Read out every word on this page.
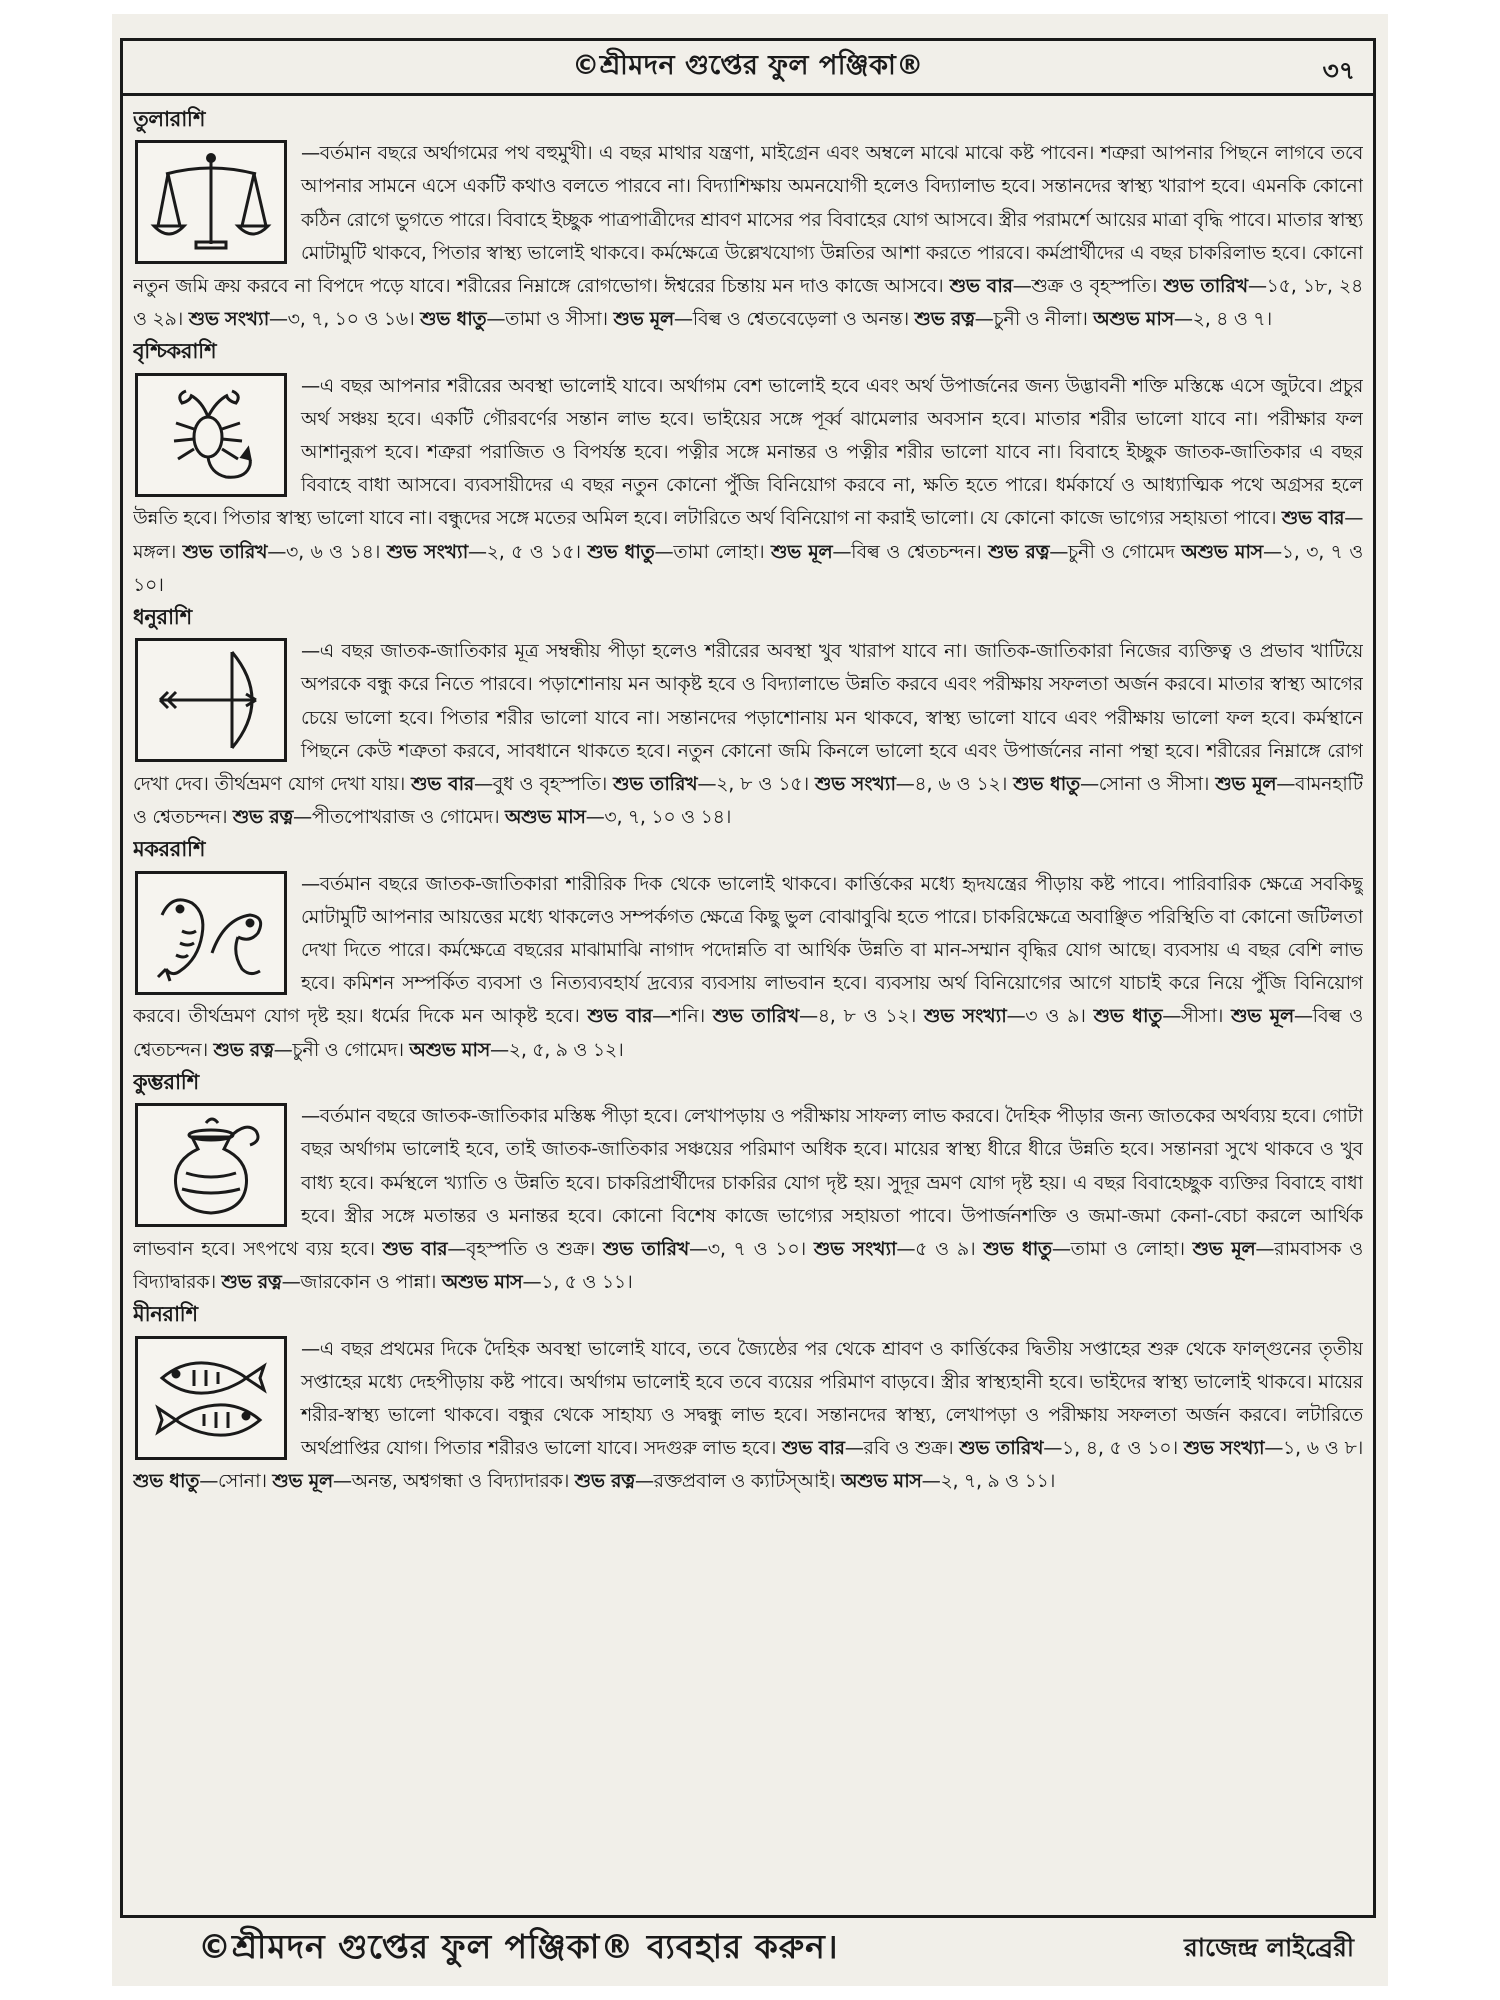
©শ্রীমদন গুপ্তের ফুল পঞ্জিকা®	৩৭

তুলারাশি

—বর্তমান বছরে অর্থাগমের পথ বহুমুখী। এ বছর মাথার যন্ত্রণা, মাইগ্রেন এবং অম্বলে মাঝে মাঝে কষ্ট পাবেন। শত্রুরা আপনার পিছনে লাগবে তবে আপনার সামনে এসে একটি কথাও বলতে পারবে না। বিদ্যাশিক্ষায় অমনযোগী হলেও বিদ্যালাভ হবে। সন্তানদের স্বাস্থ্য খারাপ হবে। এমনকি কোনো কঠিন রোগে ভুগতে পারে। বিবাহে ইচ্ছুক পাত্রপাত্রীদের শ্রাবণ মাসের পর বিবাহের যোগ আসবে। স্ত্রীর পরামর্শে আয়ের মাত্রা বৃদ্ধি পাবে। মাতার স্বাস্থ্য মোটামুটি থাকবে, পিতার স্বাস্থ্য ভালোই থাকবে। কর্মক্ষেত্রে উল্লেখযোগ্য উন্নতির আশা করতে পারবে। কর্মপ্রার্থীদের এ বছর চাকরিলাভ হবে। কোনো নতুন জমি ক্রয় করবে না বিপদে পড়ে যাবে। শরীরের নিম্নাঙ্গে রোগভোগ। ঈশ্বরের চিন্তায় মন দাও কাজে আসবে। শুভ বার—শুক্র ও বৃহস্পতি। শুভ তারিখ—১৫, ১৮, ২৪ ও ২৯। শুভ সংখ্যা—৩, ৭, ১০ ও ১৬। শুভ ধাতু—তামা ও সীসা। শুভ মূল—বিল্ব ও শ্বেতবেড়েলা ও অনন্ত। শুভ রত্ন—চুনী ও নীলা। অশুভ মাস—২, ৪ ও ৭।

বৃশ্চিকরাশি

—এ বছর আপনার শরীরের অবস্থা ভালোই যাবে। অর্থাগম বেশ ভালোই হবে এবং অর্থ উপার্জনের জন্য উদ্ভাবনী শক্তি মস্তিষ্কে এসে জুটবে। প্রচুর অর্থ সঞ্চয় হবে। একটি গৌরবর্ণের সন্তান লাভ হবে। ভাইয়ের সঙ্গে পূর্ব্ব ঝামেলার অবসান হবে। মাতার শরীর ভালো যাবে না। পরীক্ষার ফল আশানুরূপ হবে। শত্রুরা পরাজিত ও বিপর্যস্ত হবে। পত্নীর সঙ্গে মনান্তর ও পত্নীর শরীর ভালো যাবে না। বিবাহে ইচ্ছুক জাতক-জাতিকার এ বছর বিবাহে বাধা আসবে। ব্যবসায়ীদের এ বছর নতুন কোনো পুঁজি বিনিয়োগ করবে না, ক্ষতি হতে পারে। ধর্মকার্যে ও আধ্যাত্মিক পথে অগ্রসর হলে উন্নতি হবে। পিতার স্বাস্থ্য ভালো যাবে না। বন্ধুদের সঙ্গে মতের অমিল হবে। লটারিতে অর্থ বিনিয়োগ না করাই ভালো। যে কোনো কাজে ভাগ্যের সহায়তা পাবে। শুভ বার—মঙ্গল। শুভ তারিখ—৩, ৬ ও ১৪। শুভ সংখ্যা—২, ৫ ও ১৫। শুভ ধাতু—তামা লোহা। শুভ মূল—বিল্ব ও শ্বেতচন্দন। শুভ রত্ন—চুনী ও গোমেদ অশুভ মাস—১, ৩, ৭ ও ১০।

ধনুরাশি

—এ বছর জাতক-জাতিকার মূত্র সম্বন্ধীয় পীড়া হলেও শরীরের অবস্থা খুব খারাপ যাবে না। জাতিক-জাতিকারা নিজের ব্যক্তিত্ব ও প্রভাব খাটিয়ে অপরকে বন্ধু করে নিতে পারবে। পড়াশোনায় মন আকৃষ্ট হবে ও বিদ্যালাভে উন্নতি করবে এবং পরীক্ষায় সফলতা অর্জন করবে। মাতার স্বাস্থ্য আগের চেয়ে ভালো হবে। পিতার শরীর ভালো যাবে না। সন্তানদের পড়াশোনায় মন থাকবে, স্বাস্থ্য ভালো যাবে এবং পরীক্ষায় ভালো ফল হবে। কর্মস্থানে পিছনে কেউ শত্রুতা করবে, সাবধানে থাকতে হবে। নতুন কোনো জমি কিনলে ভালো হবে এবং উপার্জনের নানা পন্থা হবে। শরীরের নিম্নাঙ্গে রোগ দেখা দেব। তীর্থভ্রমণ যোগ দেখা যায়। শুভ বার—বুধ ও বৃহস্পতি। শুভ তারিখ—২, ৮ ও ১৫। শুভ সংখ্যা—৪, ৬ ও ১২। শুভ ধাতু—সোনা ও সীসা। শুভ মূল—বামনহাটি ও শ্বেতচন্দন। শুভ রত্ন—পীতপোখরাজ ও গোমেদ। অশুভ মাস—৩, ৭, ১০ ও ১৪।

মকররাশি

—বর্তমান বছরে জাতক-জাতিকারা শারীরিক দিক থেকে ভালোই থাকবে। কার্ত্তিকের মধ্যে হৃদযন্ত্রের পীড়ায় কষ্ট পাবে। পারিবারিক ক্ষেত্রে সবকিছু মোটামুটি আপনার আয়ত্তের মধ্যে থাকলেও সম্পর্কগত ক্ষেত্রে কিছু ভুল বোঝাবুঝি হতে পারে। চাকরিক্ষেত্রে অবাঞ্ছিত পরিস্থিতি বা কোনো জটিলতা দেখা দিতে পারে। কর্মক্ষেত্রে বছরের মাঝামাঝি নাগাদ পদোন্নতি বা আর্থিক উন্নতি বা মান-সম্মান বৃদ্ধির যোগ আছে। ব্যবসায় এ বছর বেশি লাভ হবে। কমিশন সম্পর্কিত ব্যবসা ও নিত্যব্যবহার্য দ্রব্যের ব্যবসায় লাভবান হবে। ব্যবসায় অর্থ বিনিয়োগের আগে যাচাই করে নিয়ে পুঁজি বিনিয়োগ করবে। তীর্থভ্রমণ যোগ দৃষ্ট হয়। ধর্মের দিকে মন আকৃষ্ট হবে। শুভ বার—শনি। শুভ তারিখ—৪, ৮ ও ১২। শুভ সংখ্যা—৩ ও ৯। শুভ ধাতু—সীসা। শুভ মূল—বিল্ব ও শ্বেতচন্দন। শুভ রত্ন—চুনী ও গোমেদ। অশুভ মাস—২, ৫, ৯ ও ১২।

কুম্ভরাশি

—বর্তমান বছরে জাতক-জাতিকার মস্তিষ্ক পীড়া হবে। লেখাপড়ায় ও পরীক্ষায় সাফল্য লাভ করবে। দৈহিক পীড়ার জন্য জাতকের অর্থব্যয় হবে। গোটা বছর অর্থাগম ভালোই হবে, তাই জাতক-জাতিকার সঞ্চয়ের পরিমাণ অধিক হবে। মায়ের স্বাস্থ্য ধীরে ধীরে উন্নতি হবে। সন্তানরা সুখে থাকবে ও খুব বাধ্য হবে। কর্মস্থলে খ্যাতি ও উন্নতি হবে। চাকরিপ্রার্থীদের চাকরির যোগ দৃষ্ট হয়। সুদূর ভ্রমণ যোগ দৃষ্ট হয়। এ বছর বিবাহেচ্ছুক ব্যক্তির বিবাহে বাধা হবে। স্ত্রীর সঙ্গে মতান্তর ও মনান্তর হবে। কোনো বিশেষ কাজে ভাগ্যের সহায়তা পাবে। উপার্জনশক্তি ও জমা-জমা কেনা-বেচা করলে আর্থিক লাভবান হবে। সৎপথে ব্যয় হবে। শুভ বার—বৃহস্পতি ও শুক্র। শুভ তারিখ—৩, ৭ ও ১০। শুভ সংখ্যা—৫ ও ৯। শুভ ধাতু—তামা ও লোহা। শুভ মূল—রামবাসক ও বিদ্যাদ্বারক। শুভ রত্ন—জারকোন ও পান্না। অশুভ মাস—১, ৫ ও ১১।

মীনরাশি

—এ বছর প্রথমের দিকে দৈহিক অবস্থা ভালোই যাবে, তবে জ্যৈষ্ঠের পর থেকে শ্রাবণ ও কার্ত্তিকের দ্বিতীয় সপ্তাহের শুরু থেকে ফাল্গুনের তৃতীয় সপ্তাহের মধ্যে দেহপীড়ায় কষ্ট পাবে। অর্থাগম ভালোই হবে তবে ব্যয়ের পরিমাণ বাড়বে। স্ত্রীর স্বাস্থ্যহানী হবে। ভাইদের স্বাস্থ্য ভালোই থাকবে। মায়ের শরীর-স্বাস্থ্য ভালো থাকবে। বন্ধুর থেকে সাহায্য ও সদ্বন্ধু লাভ হবে। সন্তানদের স্বাস্থ্য, লেখাপড়া ও পরীক্ষায় সফলতা অর্জন করবে। লটারিতে অর্থপ্রাপ্তির যোগ। পিতার শরীরও ভালো যাবে। সদগুরু লাভ হবে। শুভ বার—রবি ও শুক্র। শুভ তারিখ—১, ৪, ৫ ও ১০। শুভ সংখ্যা—১, ৬ ও ৮। শুভ ধাতু—সোনা। শুভ মূল—অনন্ত, অশ্বগন্ধা ও বিদ্যাদারক। শুভ রত্ন—রক্তপ্রবাল ও ক্যাটস্আই। অশুভ মাস—২, ৭, ৯ ও ১১।

©শ্রীমদন গুপ্তের ফুল পঞ্জিকা® ব্যবহার করুন।	রাজেন্দ্র লাইব্রেরী
